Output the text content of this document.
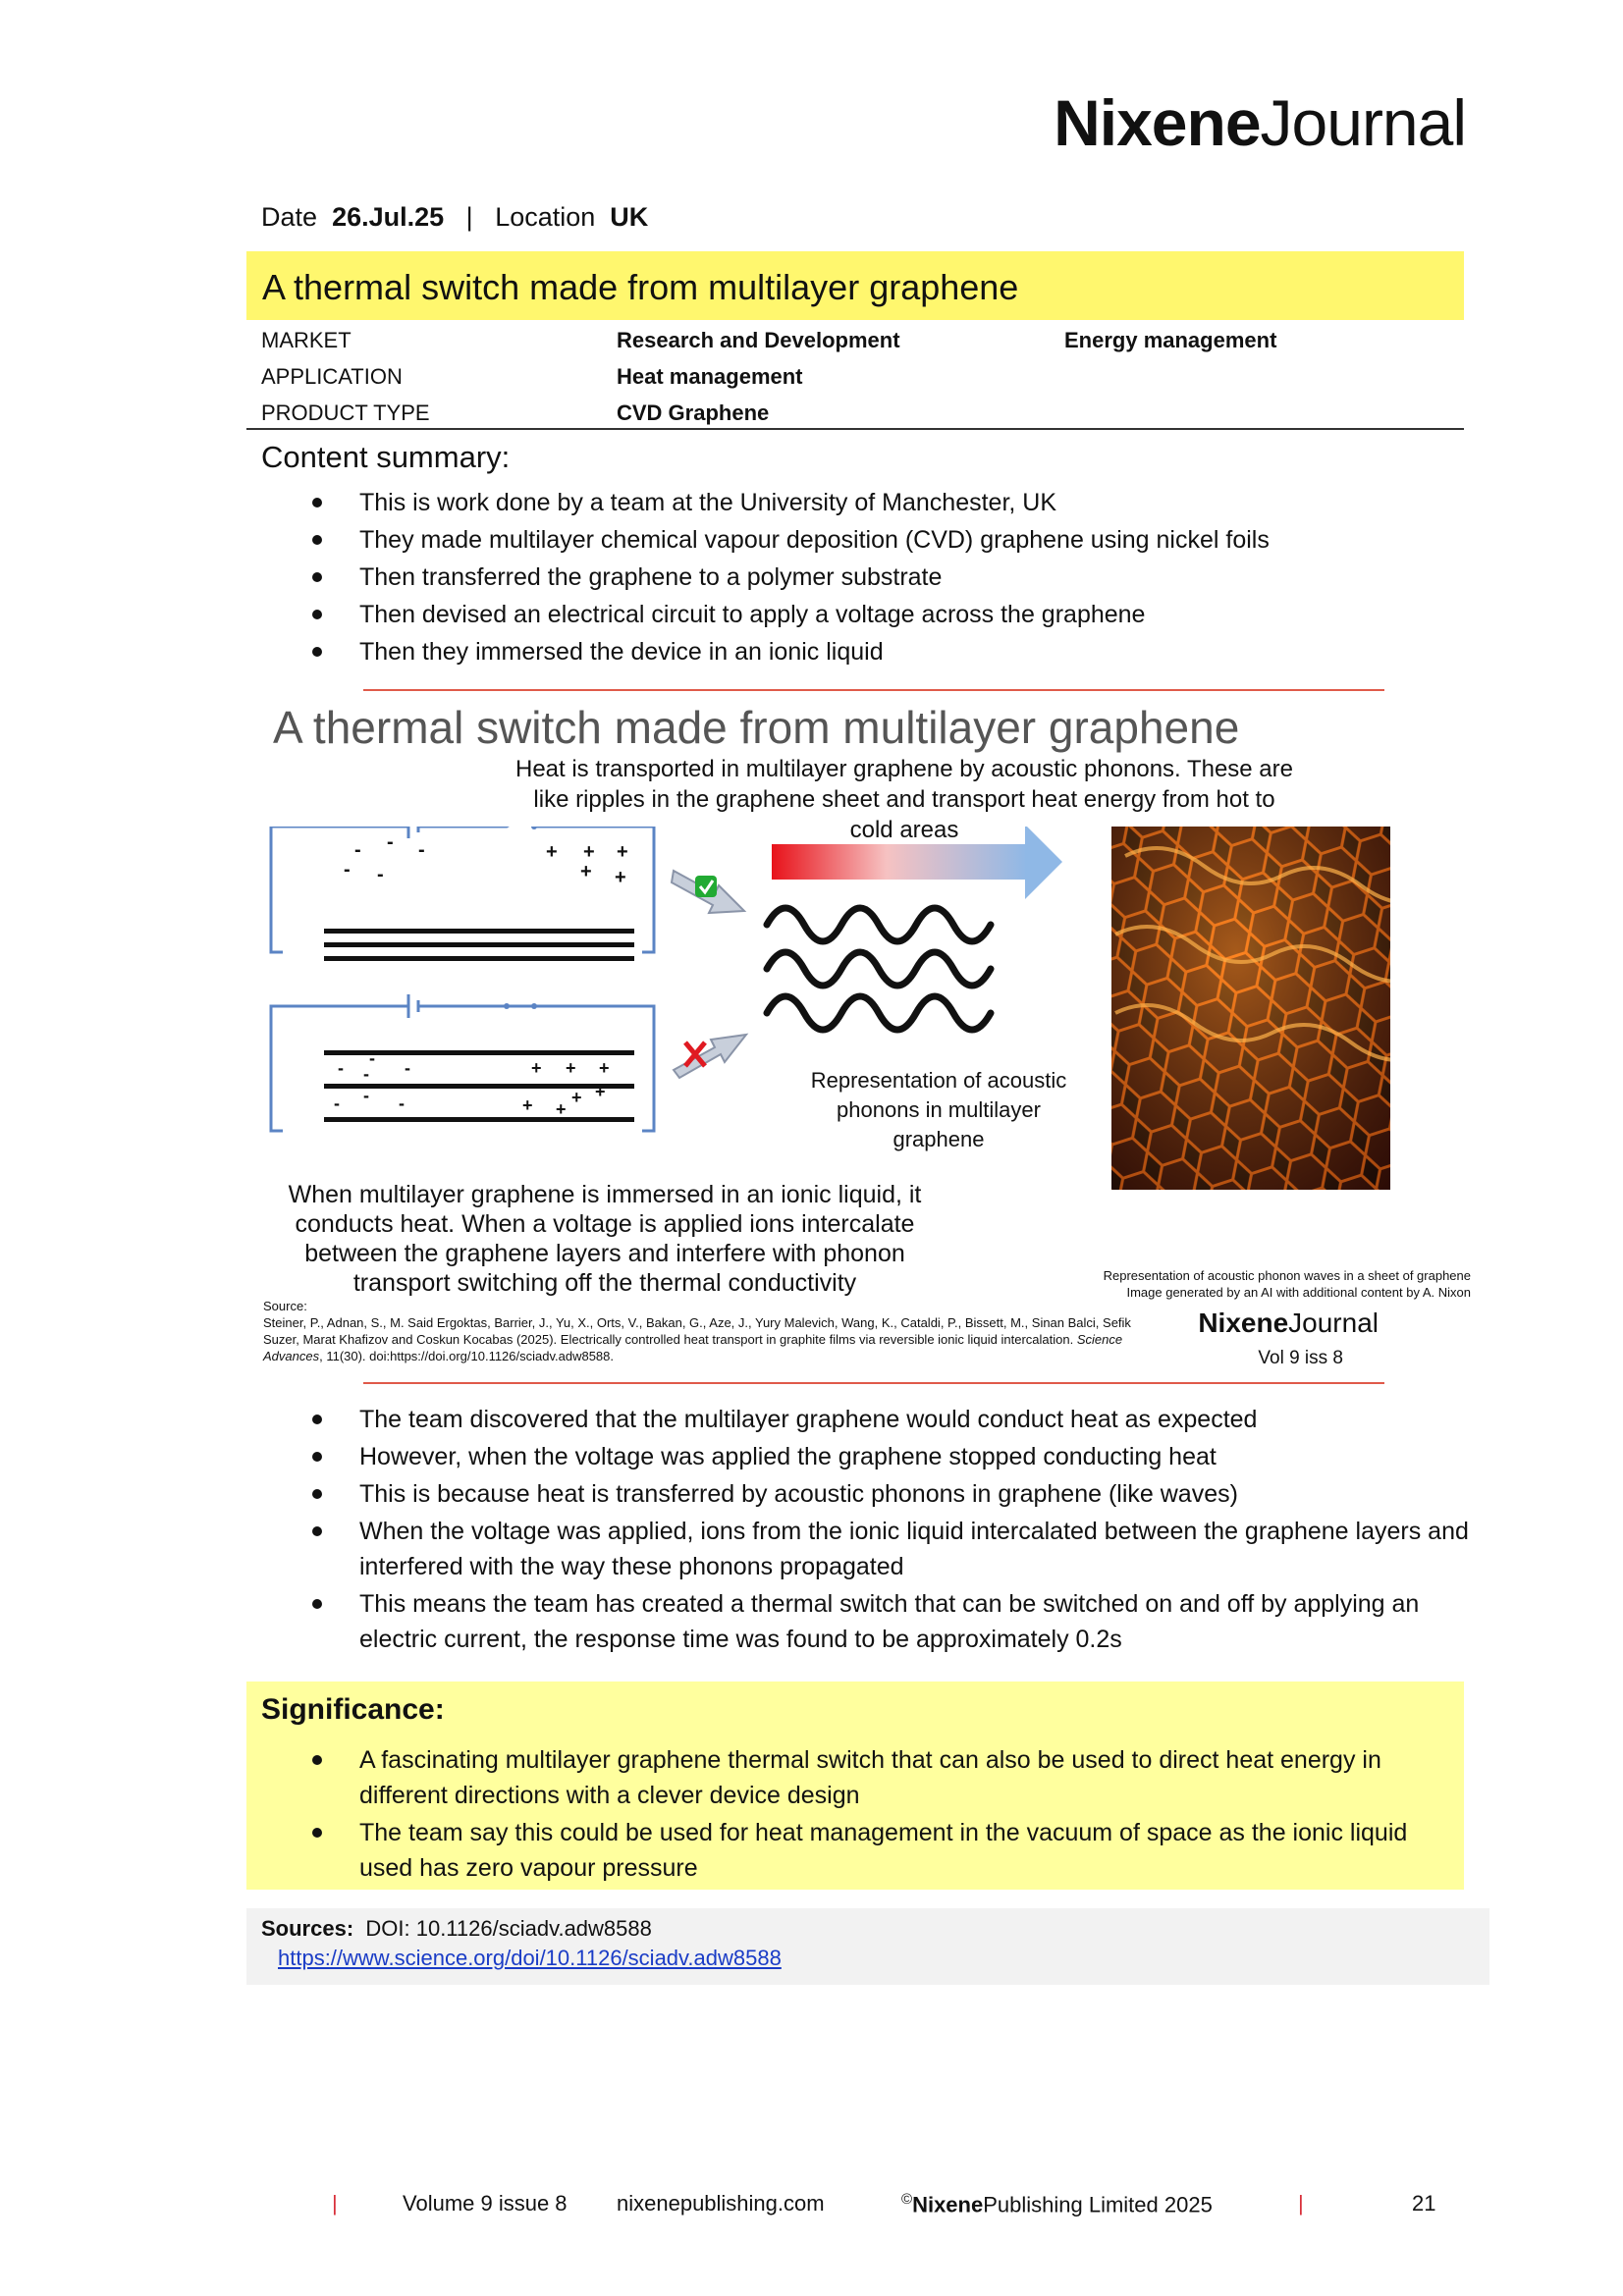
NixeneJournal
Date 26.Jul.25 | Location UK
A thermal switch made from multilayer graphene
MARKET	Research and Development	Energy management
APPLICATION	Heat management
PRODUCT TYPE	CVD Graphene
Content summary:
This is work done by a team at the University of Manchester, UK
They made multilayer chemical vapour deposition (CVD) graphene using nickel foils
Then transferred the graphene to a polymer substrate
Then devised an electrical circuit to apply a voltage across the graphene
Then they immersed the device in an ionic liquid
A thermal switch made from multilayer graphene
Heat is transported in multilayer graphene by acoustic phonons. These are like ripples in the graphene sheet and transport heat energy from hot to cold areas
- - -
- -
+ + +
+ +
- -
- -
- - -
+ + +
+ +
+ +	Representation of acoustic phonons in multilayer graphene
When multilayer graphene is immersed in an ionic liquid, it conducts heat. When a voltage is applied ions intercalate between the graphene layers and interfere with phonon transport switching off the thermal conductivity	Representation of acoustic phonon waves in a sheet of graphene
Image generated by an AI with additional content by A. Nixon
Source:
Steiner, P., Adnan, S., M. Said Ergoktas, Barrier, J., Yu, X., Orts, V., Bakan, G., Aze, J., Yury Malevich, Wang, K., Cataldi, P., Bissett, M., Sinan Balci, Sefik Suzer, Marat Khafizov and Coskun Kocabas (2025). Electrically controlled heat transport in graphite films via reversible ionic liquid intercalation. Science Advances, 11(30). doi:https://doi.org/10.1126/sciadv.adw8588.
NixeneJournal
Vol 9 iss 8
The team discovered that the multilayer graphene would conduct heat as expected
However, when the voltage was applied the graphene stopped conducting heat
This is because heat is transferred by acoustic phonons in graphene (like waves)
When the voltage was applied, ions from the ionic liquid intercalated between the graphene layers and interfered with the way these phonons propagated
This means the team has created a thermal switch that can be switched on and off by applying an electric current, the response time was found to be approximately 0.2s
Significance:
A fascinating multilayer graphene thermal switch that can also be used to direct heat energy in different directions with a clever device design
The team say this could be used for heat management in the vacuum of space as the ionic liquid used has zero vapour pressure
Sources: DOI: 10.1126/sciadv.adw8588
https://www.science.org/doi/10.1126/sciadv.adw8588
|	Volume 9 issue 8 nixenepublishing.com	©NixenePublishing Limited 2025	|	21
